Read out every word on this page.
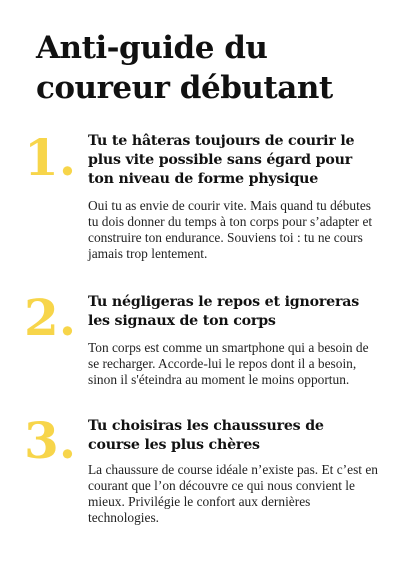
Anti-guide du coureur débutant
1. Tu te hâteras toujours de courir le plus vite possible sans égard pour ton niveau de forme physique

Oui tu as envie de courir vite. Mais quand tu débutes tu dois donner du temps à ton corps pour s’adapter et construire ton endurance. Souviens toi : tu ne cours jamais trop lentement.

2. Tu négligeras le repos et ignoreras les signaux de ton corps

Ton corps est comme un smartphone qui a besoin de se recharger. Accorde-lui le repos dont il a besoin, sinon il s'éteindra au moment le moins opportun.

3. Tu choisiras les chaussures de course les plus chères

La chaussure de course idéale n’existe pas. Et c’est en courant que l’on découvre ce qui nous convient le mieux. Privilégie le confort aux dernières technologies.
